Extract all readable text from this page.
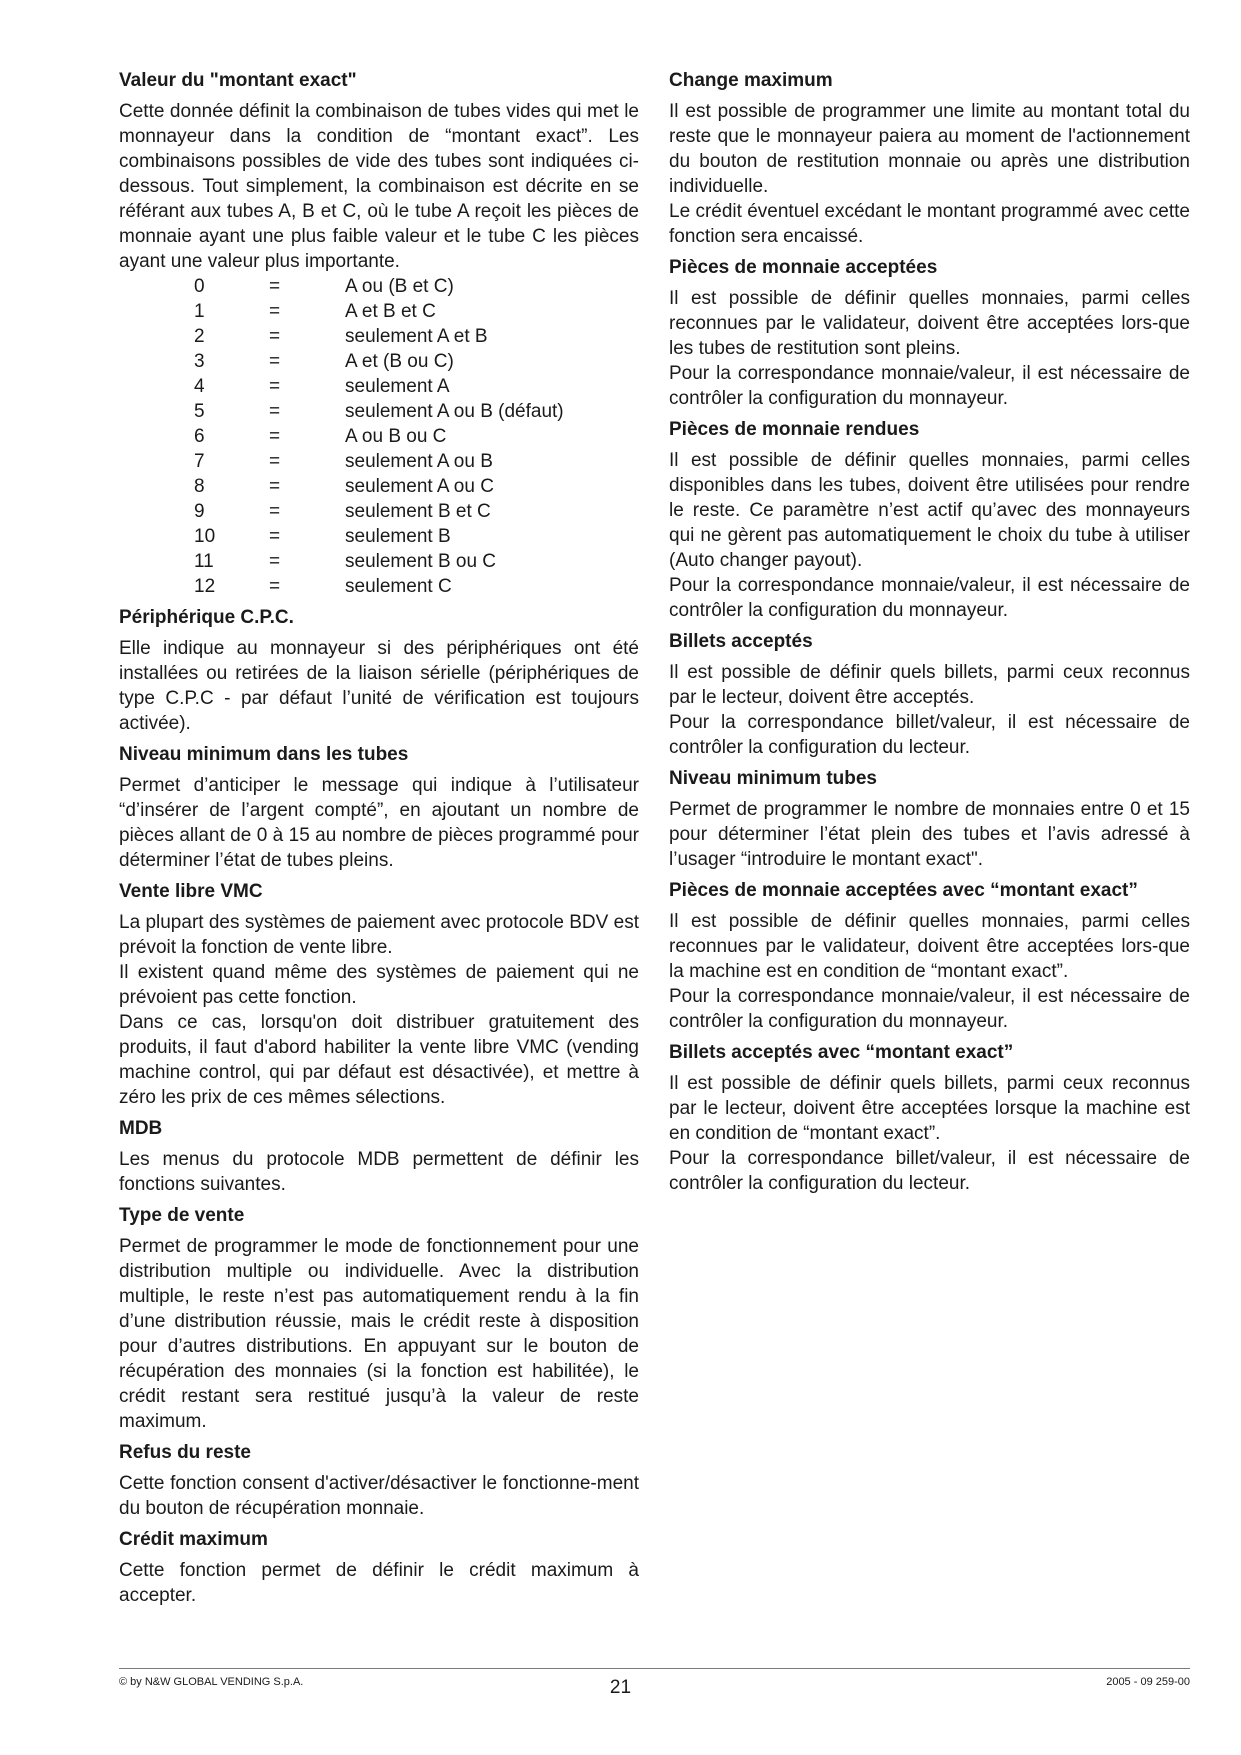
Valeur du "montant exact"

Cette donnée définit la combinaison de tubes vides qui met le monnayeur dans la condition de “montant exact”. Les combinaisons possibles de vide des tubes sont indiquées ci-dessous. Tout simplement, la combinaison est décrite en se référant aux tubes A, B et C, où le tube A reçoit les pièces de monnaie ayant une plus faible valeur et le tube C les pièces ayant une valeur plus importante.

0	=	A ou (B et C)
1	=	A et B et C
2	=	seulement A et B
3	=	A et (B ou C)
4	=	seulement A
5	=	seulement A ou B (défaut)
6	=	A ou B ou C
7	=	seulement A ou B
8	=	seulement A ou C
9	=	seulement B et C
10	=	seulement B
11	=	seulement B ou C
12	=	seulement C

Périphérique C.P.C.

Elle indique au monnayeur si des périphériques ont été installées ou retirées de la liaison sérielle (périphériques de type C.P.C - par défaut l’unité de vérification est toujours activée).

Niveau minimum dans les tubes

Permet d’anticiper le message qui indique à l’utilisateur “d’insérer de l’argent compté”, en ajoutant un nombre de pièces allant de 0 à 15 au nombre de pièces programmé pour déterminer l’état de tubes pleins.

Vente libre VMC

La plupart des systèmes de paiement avec protocole BDV est prévoit la fonction de vente libre.

Il existent quand même des systèmes de paiement qui ne prévoient pas cette fonction.

Dans ce cas, lorsqu'on doit distribuer gratuitement des produits, il faut d'abord habiliter la vente libre VMC (vending machine control, qui par défaut est désactivée), et mettre à zéro les prix de ces mêmes sélections.

MDB

Les menus du protocole MDB permettent de définir les fonctions suivantes.

Type de vente

Permet de programmer le mode de fonctionnement pour une distribution multiple ou individuelle. Avec la distribution multiple, le reste n’est pas automatiquement rendu à la fin d’une distribution réussie, mais le crédit reste à disposition pour d’autres distributions. En appuyant sur le bouton de récupération des monnaies (si la fonction est habilitée), le crédit restant sera restitué jusqu’à la valeur de reste maximum.

Refus du reste

Cette fonction consent d'activer/désactiver le fonctionne-ment du bouton de récupération monnaie.

Crédit maximum

Cette fonction permet de définir le crédit maximum à accepter.

Change maximum

Il est possible de programmer une limite au montant total du reste que le monnayeur paiera au moment de l'actionnement du bouton de restitution monnaie ou après une distribution individuelle.

Le crédit éventuel excédant le montant programmé avec cette fonction sera encaissé.

Pièces de monnaie acceptées

Il est possible de définir quelles monnaies, parmi celles reconnues par le validateur, doivent être acceptées lors-que les tubes de restitution sont pleins.

Pour la correspondance monnaie/valeur, il est nécessaire de contrôler la configuration du monnayeur.

Pièces de monnaie rendues

Il est possible de définir quelles monnaies, parmi celles disponibles dans les tubes, doivent être utilisées pour rendre le reste. Ce paramètre n’est actif qu’avec des monnayeurs qui ne gèrent pas automatiquement le choix du tube à utiliser (Auto changer payout).

Pour la correspondance monnaie/valeur, il est nécessaire de contrôler la configuration du monnayeur.

Billets acceptés

Il est possible de définir quels billets, parmi ceux reconnus par le lecteur, doivent être acceptés.

Pour la correspondance billet/valeur, il est nécessaire de contrôler la configuration du lecteur.

Niveau minimum tubes

Permet de programmer le nombre de monnaies entre 0 et 15 pour déterminer l’état plein des tubes et l’avis adressé à l’usager “introduire le montant exact".

Pièces de monnaie acceptées avec “montant exact”

Il est possible de définir quelles monnaies, parmi celles reconnues par le validateur, doivent être acceptées lors-que la machine est en condition de “montant exact”.

Pour la correspondance monnaie/valeur, il est nécessaire de contrôler la configuration du monnayeur.

Billets acceptés avec “montant exact”

Il est possible de définir quels billets, parmi ceux reconnus par le lecteur, doivent être acceptées lorsque la machine est en condition de “montant exact”.

Pour la correspondance billet/valeur, il est nécessaire de contrôler la configuration du lecteur.

© by N&W GLOBAL VENDING S.p.A.	21	2005 - 09 259-00
